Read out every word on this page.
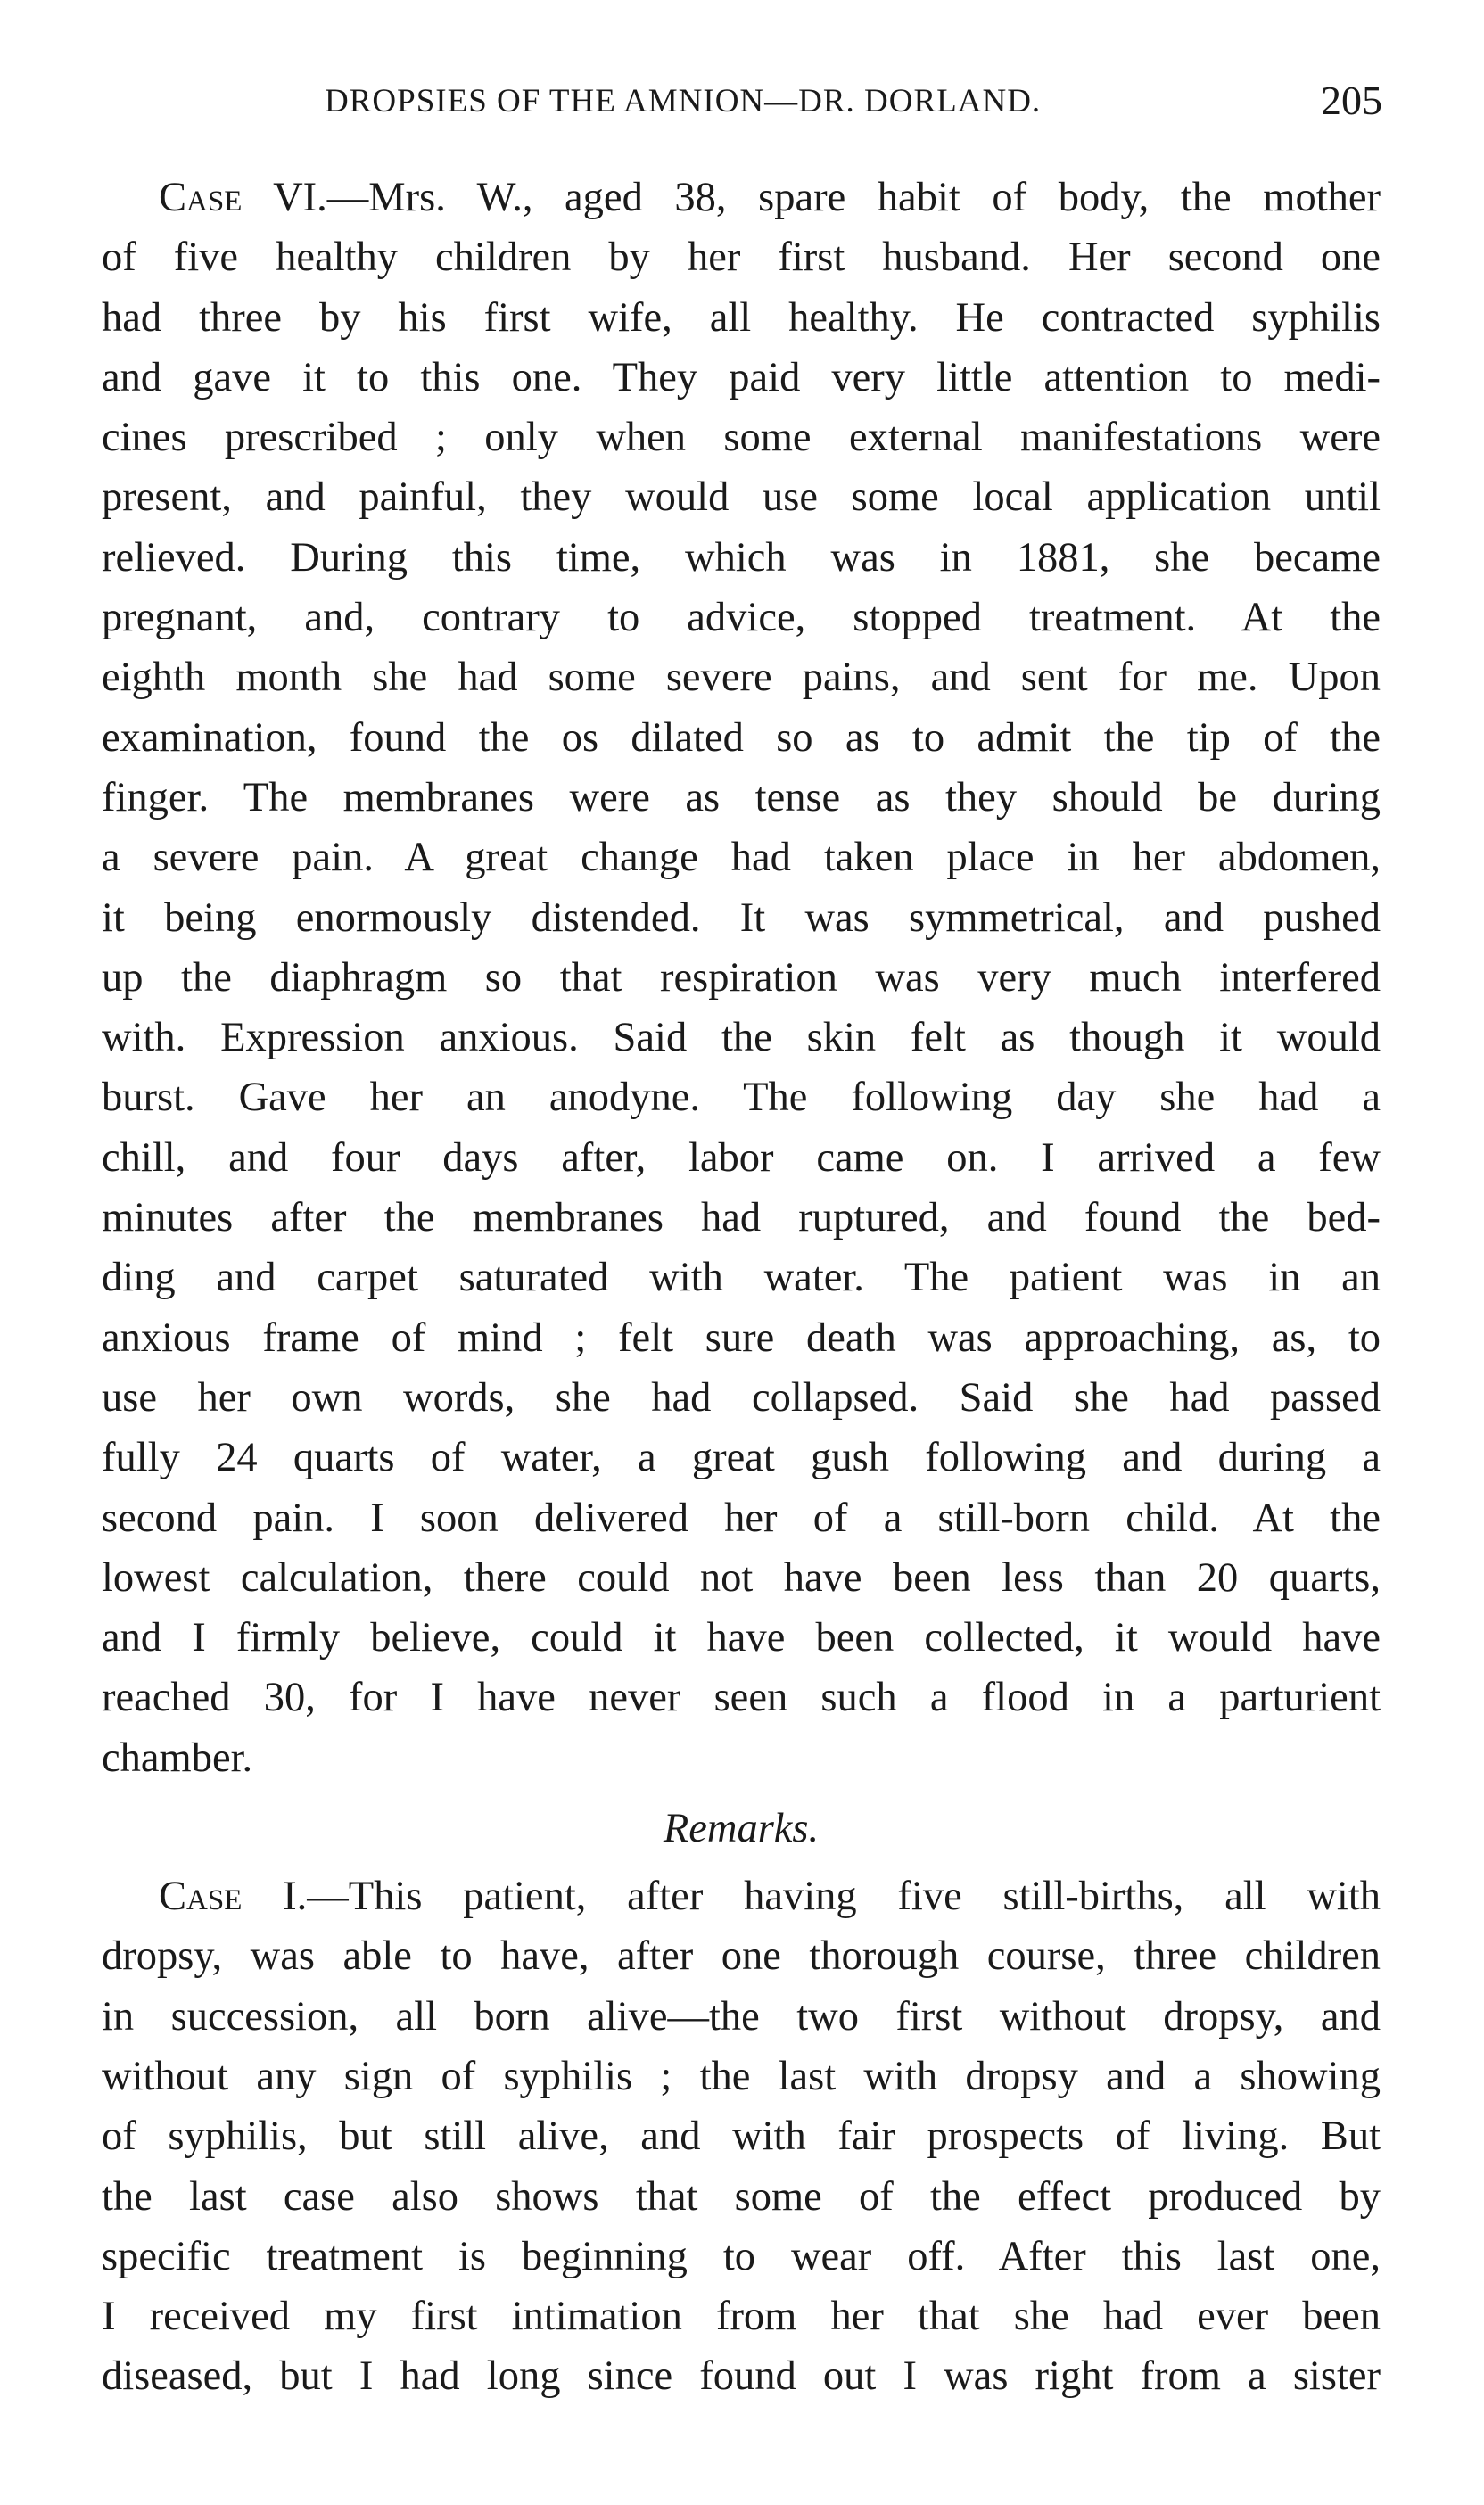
DROPSIES OF THE AMNION—DR. DORLAND.	205
Case VI.—Mrs. W., aged 38, spare habit of body, the mother
of five healthy children by her first husband. Her second one
had three by his first wife, all healthy. He contracted syphilis
and gave it to this one. They paid very little attention to medi-
cines prescribed ; only when some external manifestations were
present, and painful, they would use some local application until
relieved. During this time, which was in 1881, she became
pregnant, and, contrary to advice, stopped treatment. At the
eighth month she had some severe pains, and sent for me. Upon
examination, found the os dilated so as to admit the tip of the
finger. The membranes were as tense as they should be during
a severe pain. A great change had taken place in her abdomen,
it being enormously distended. It was symmetrical, and pushed
up the diaphragm so that respiration was very much interfered
with. Expression anxious. Said the skin felt as though it would
burst. Gave her an anodyne. The following day she had a
chill, and four days after, labor came on. I arrived a few
minutes after the membranes had ruptured, and found the bed-
ding and carpet saturated with water. The patient was in an
anxious frame of mind ; felt sure death was approaching, as, to
use her own words, she had collapsed. Said she had passed
fully 24 quarts of water, a great gush following and during a
second pain. I soon delivered her of a still-born child. At the
lowest calculation, there could not have been less than 20 quarts,
and I firmly believe, could it have been collected, it would have
reached 30, for I have never seen such a flood in a parturient
chamber.
Remarks.
Case I.—This patient, after having five still-births, all with
dropsy, was able to have, after one thorough course, three children
in succession, all born alive—the two first without dropsy, and
without any sign of syphilis ; the last with dropsy and a showing
of syphilis, but still alive, and with fair prospects of living. But
the last case also shows that some of the effect produced by
specific treatment is beginning to wear off. After this last one,
I received my first intimation from her that she had ever been
diseased, but I had long since found out I was right from a sister
